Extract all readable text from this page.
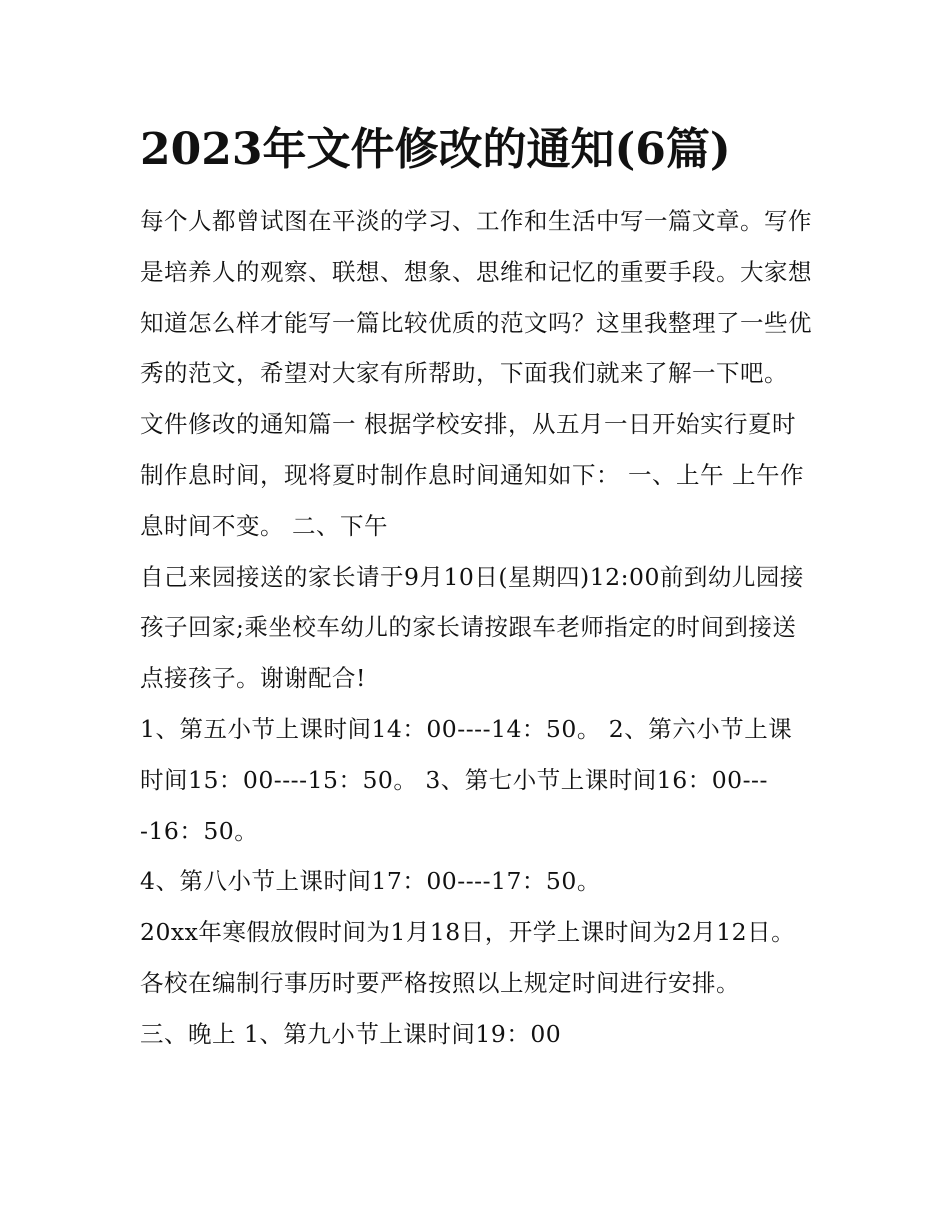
2023年文件修改的通知(6篇)

每个人都曾试图在平淡的学习、工作和生活中写一篇文章。写作是培养人的观察、联想、想象、思维和记忆的重要手段。大家想知道怎么样才能写一篇比较优质的范文吗？这里我整理了一些优秀的范文，希望对大家有所帮助，下面我们就来了解一下吧。

文件修改的通知篇一 根据学校安排，从五月一日开始实行夏时制作息时间，现将夏时制作息时间通知如下： 一、上午 上午作息时间不变。 二、下午

自己来园接送的家长请于9月10日(星期四)12:00前到幼儿园接孩子回家;乘坐校车幼儿的家长请按跟车老师指定的时间到接送点接孩子。谢谢配合!

1、第五小节上课时间14：00----14：50。 2、第六小节上课时间15：00----15：50。 3、第七小节上课时间16：00----16：50。

4、第八小节上课时间17：00----17：50。

20xx年寒假放假时间为1月18日，开学上课时间为2月12日。各校在编制行事历时要严格按照以上规定时间进行安排。

三、晚上 1、第九小节上课时间19：00
